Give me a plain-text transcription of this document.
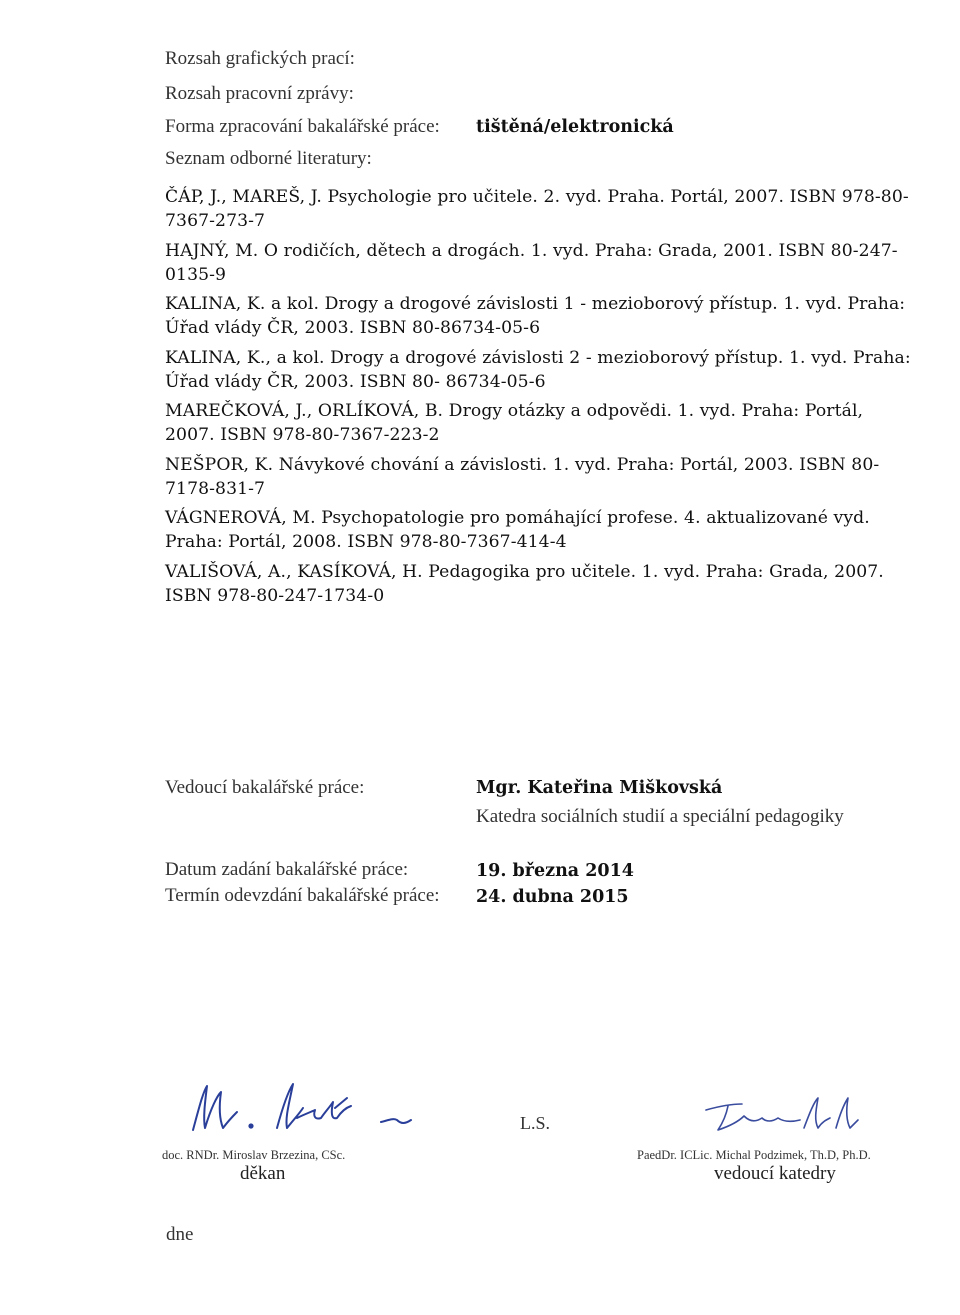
Rozsah grafických prací:
Rozsah pracovní zprávy:
Forma zpracování bakalářské práce: tištěná/elektronická
Seznam odborné literatury:
ČÁP, J., MAREŠ, J. Psychologie pro učitele. 2. vyd. Praha. Portál, 2007. ISBN 978-80-7367-273-7
HAJNÝ, M. O rodičích, dětech a drogách. 1. vyd. Praha: Grada, 2001. ISBN 80-247-0135-9
KALINA, K. a kol. Drogy a drogové závislosti 1 - mezioborový přístup. 1. vyd. Praha: Úřad vlády ČR, 2003. ISBN 80-86734-05-6
KALINA, K., a kol. Drogy a drogové závislosti 2 - mezioborový přístup. 1. vyd. Praha: Úřad vlády ČR, 2003. ISBN 80- 86734-05-6
MAREČKOVÁ, J., ORLÍKOVÁ, B. Drogy otázky a odpovědi. 1. vyd. Praha: Portál, 2007. ISBN 978-80-7367-223-2
NEŠPOR, K. Návykové chování a závislosti. 1. vyd. Praha: Portál, 2003. ISBN 80-7178-831-7
VÁGNEROVÁ, M. Psychopatologie pro pomáhající profese. 4. aktualizované vyd. Praha: Portál, 2008. ISBN 978-80-7367-414-4
VALIŠOVÁ, A., KASÍKOVÁ, H. Pedagogika pro učitele. 1. vyd. Praha: Grada, 2007. ISBN 978-80-247-1734-0
Vedoucí bakalářské práce:	Mgr. Kateřina Miškovská
Katedra sociálních studií a speciální pedagogiky
Datum zadání bakalářské práce:	19. března 2014
Termín odevzdání bakalářské práce: 24. dubna 2015
doc. RNDr. Miroslav Brzezina, CSc.
děkan
L.S.
PaedDr. ICLic. Michal Podzimek, Th.D, Ph.D.
vedoucí katedry
dne
